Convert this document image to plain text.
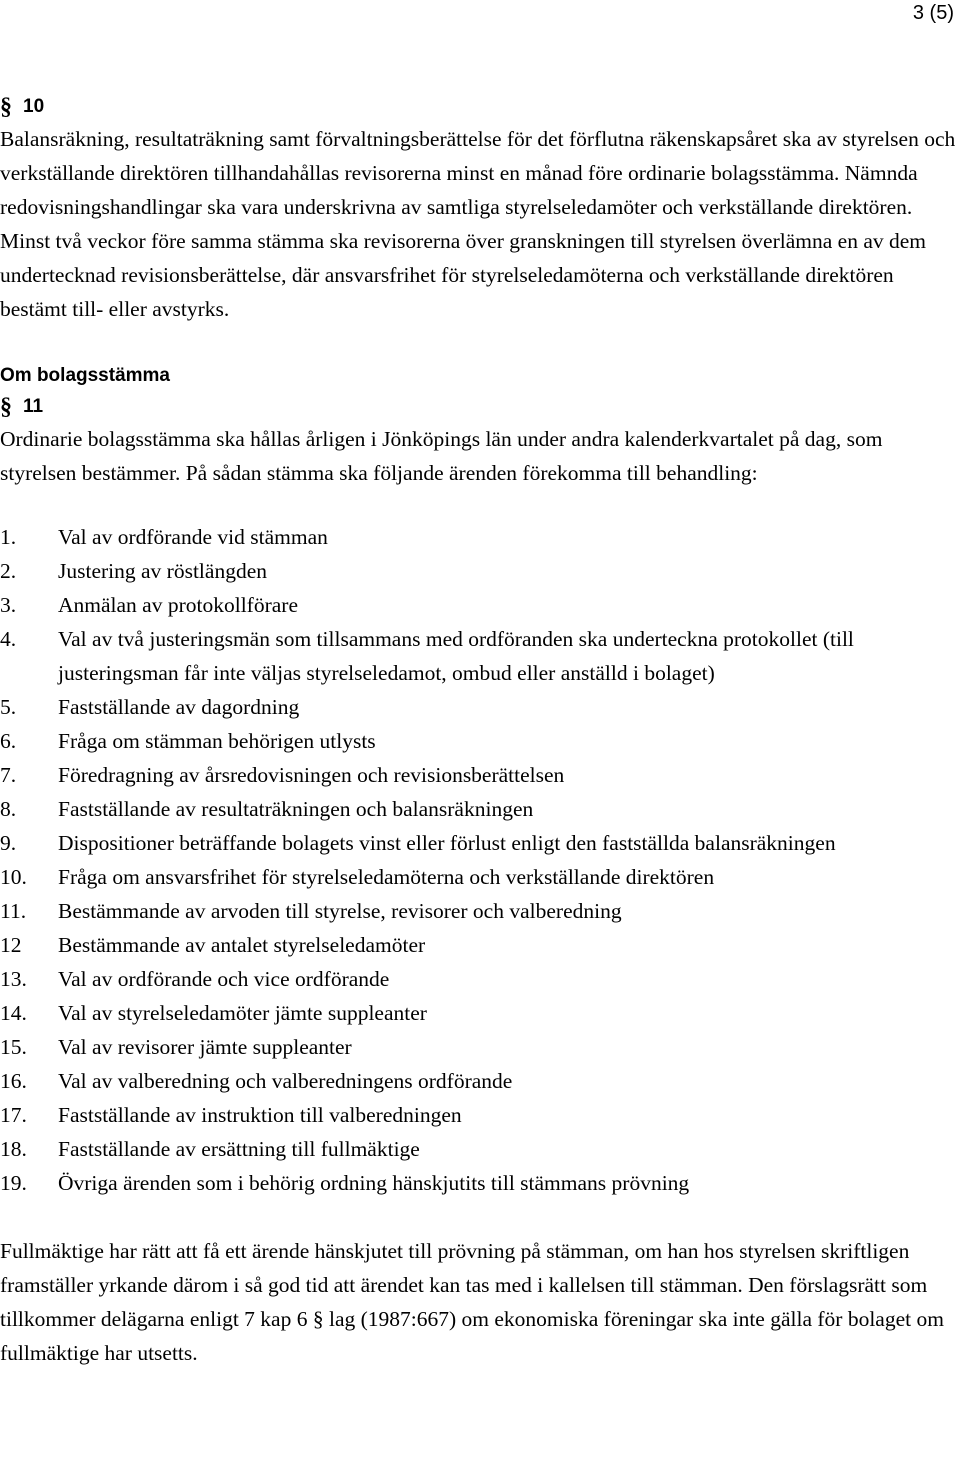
3 (5)
§ 10

Balansräkning, resultaträkning samt förvaltningsberättelse för det förflutna räkenskapsåret ska av styrelsen och verkställande direktören tillhandahållas revisorerna minst en månad före ordinarie bolagsstämma. Nämnda redovisningshandlingar ska vara underskrivna av samtliga styrelseledamöter och verkställande direktören. Minst två veckor före samma stämma ska revisorerna över granskningen till styrelsen överlämna en av dem undertecknad revisionsberättelse, där ansvarsfrihet för styrelseledamöterna och verkställande direktören bestämt till- eller avstyrks.

Om bolagsstämma
§ 11

Ordinarie bolagsstämma ska hållas årligen i Jönköpings län under andra kalenderkvartalet på dag, som styrelsen bestämmer. På sådan stämma ska följande ärenden förekomma till behandling:

1.	Val av ordförande vid stämman
2.	Justering av röstlängden
3.	Anmälan av protokollförare
4.	Val av två justeringsmän som tillsammans med ordföranden ska underteckna protokollet (till justeringsman får inte väljas styrelseledamot, ombud eller anställd i bolaget)
5.	Fastställande av dagordning
6.	Fråga om stämman behörigen utlysts
7.	Föredragning av årsredovisningen och revisionsberättelsen
8.	Fastställande av resultaträkningen och balansräkningen
9.	Dispositioner beträffande bolagets vinst eller förlust enligt den fastställda balansräkningen
10.	Fråga om ansvarsfrihet för styrelseledamöterna och verkställande direktören
11.	Bestämmande av arvoden till styrelse, revisorer och valberedning
12	Bestämmande av antalet styrelseledamöter
13.	Val av ordförande och vice ordförande
14.	Val av styrelseledamöter jämte suppleanter
15.	Val av revisorer jämte suppleanter
16.	Val av valberedning och valberedningens ordförande
17.	Fastställande av instruktion till valberedningen
18.	Fastställande av ersättning till fullmäktige
19.	Övriga ärenden som i behörig ordning hänskjutits till stämmans prövning

Fullmäktige har rätt att få ett ärende hänskjutet till prövning på stämman, om han hos styrelsen skriftligen framställer yrkande därom i så god tid att ärendet kan tas med i kallelsen till stämman. Den förslagsrätt som tillkommer delägarna enligt 7 kap 6 § lag (1987:667) om ekonomiska föreningar ska inte gälla för bolaget om fullmäktige har utsetts.
